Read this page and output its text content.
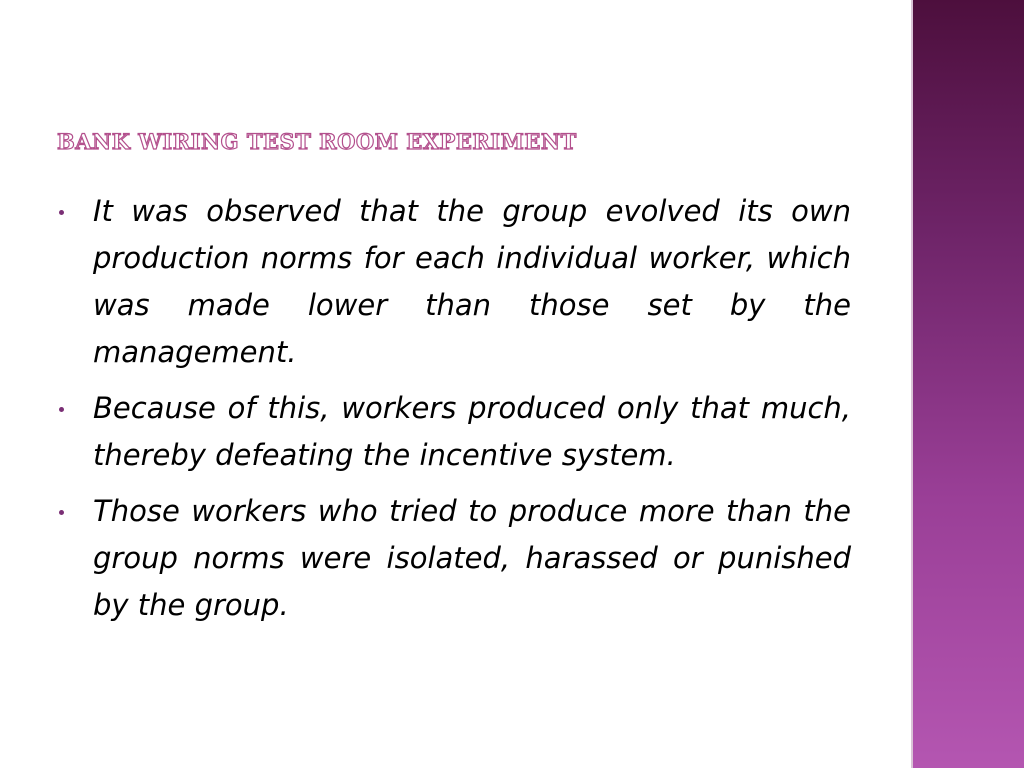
BANK WIRING TEST ROOM EXPERIMENT
It was observed that the group evolved its own production norms for each individual worker, which was made lower than those set by the management.
Because of this, workers produced only that much, thereby defeating the incentive system.
Those workers who tried to produce more than the group norms were isolated, harassed or punished by the group.
